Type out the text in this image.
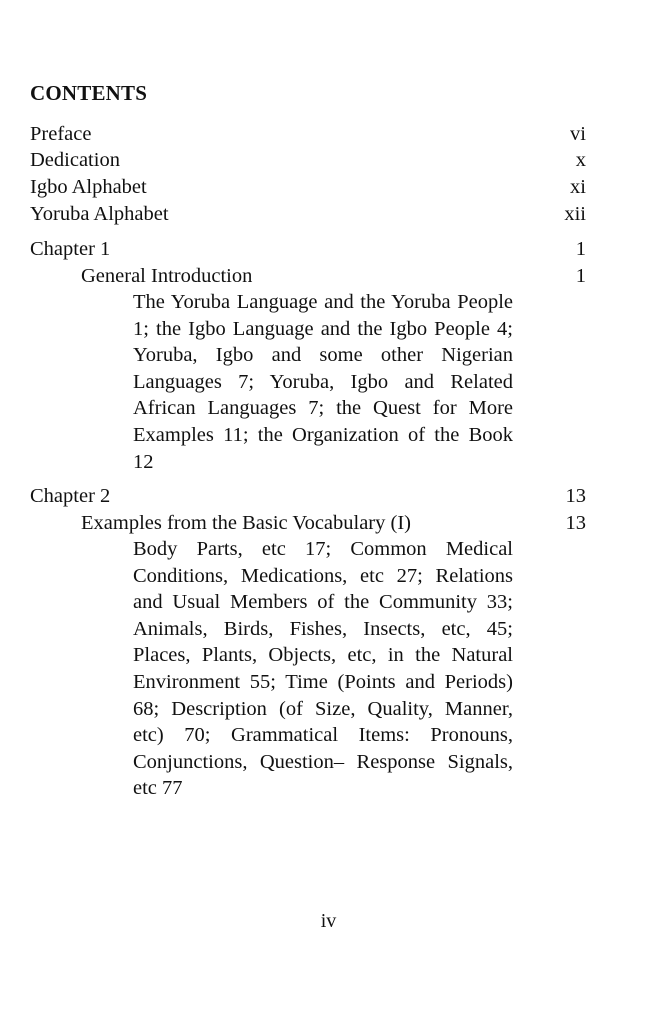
CONTENTS
Preface	vi
Dedication	x
Igbo Alphabet	xi
Yoruba Alphabet	xii
Chapter 1	1
General Introduction	1
The Yoruba Language and the Yoruba People 1; the Igbo Language and the Igbo People 4; Yoruba, Igbo and some other Nigerian Languages 7; Yoruba, Igbo and Related African Languages 7; the Quest for More Examples 11; the Organization of the Book 12
Chapter 2	13
Examples from the Basic Vocabulary (I)	13
Body Parts, etc 17; Common Medical Conditions, Medications, etc 27; Relations and Usual Members of the Community 33; Animals, Birds, Fishes, Insects, etc, 45; Places, Plants, Objects, etc, in the Natural Environment 55; Time (Points and Periods) 68; Description (of Size, Quality, Manner, etc) 70; Grammatical Items: Pronouns, Conjunctions, Question– Response Signals, etc 77
iv
